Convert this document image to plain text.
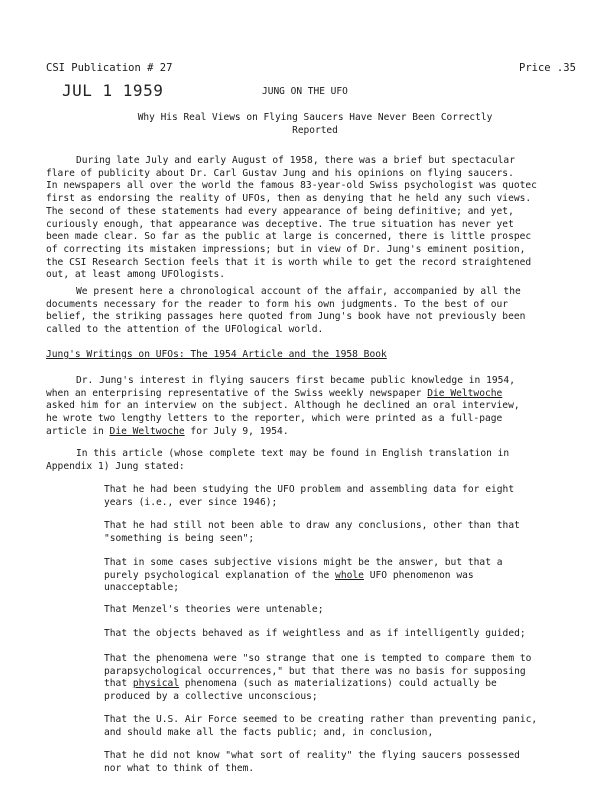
CSI Publication # 27	Price .35
JUL 1 1959	JUNG ON THE UFO
Why His Real Views on Flying Saucers Have Never Been Correctly
Reported
During late July and early August of 1958, there was a brief but spectacular
flare of publicity about Dr. Carl Gustav Jung and his opinions on flying saucers.
In newspapers all over the world the famous 83-year-old Swiss psychologist was quotec
first as endorsing the reality of UFOs, then as denying that he held any such views.
The second of these statements had every appearance of being definitive; and yet,
curiously enough, that appearance was deceptive. The true situation has never yet
been made clear. So far as the public at large is concerned, there is little prospec
of correcting its mistaken impressions; but in view of Dr. Jung's eminent position,
the CSI Research Section feels that it is worth while to get the record straightened
out, at least among UFOlogists.
We present here a chronological account of the affair, accompanied by all the
documents necessary for the reader to form his own judgments. To the best of our
belief, the striking passages here quoted from Jung's book have not previously been
called to the attention of the UFOlogical world.
Jung's Writings on UFOs: The 1954 Article and the 1958 Book
Dr. Jung's interest in flying saucers first became public knowledge in 1954,
when an enterprising representative of the Swiss weekly newspaper Die Weltwoche
asked him for an interview on the subject. Although he declined an oral interview,
he wrote two lengthy letters to the reporter, which were printed as a full-page
article in Die Weltwoche for July 9, 1954.
In this article (whose complete text may be found in English translation in
Appendix 1) Jung stated:
That he had been studying the UFO problem and assembling data for eight
years (i.e., ever since 1946);
That he had still not been able to draw any conclusions, other than that
"something is being seen";
That in some cases subjective visions might be the answer, but that a
purely psychological explanation of the whole UFO phenomenon was
unacceptable;
That Menzel's theories were untenable;
That the objects behaved as if weightless and as if intelligently guided;
That the phenomena were "so strange that one is tempted to compare them to
parapsychological occurrences," but that there was no basis for supposing
that physical phenomena (such as materializations) could actually be
produced by a collective unconscious;
That the U.S. Air Force seemed to be creating rather than preventing panic,
and should make all the facts public; and, in conclusion,
That he did not know "what sort of reality" the flying saucers possessed
nor what to think of them.
